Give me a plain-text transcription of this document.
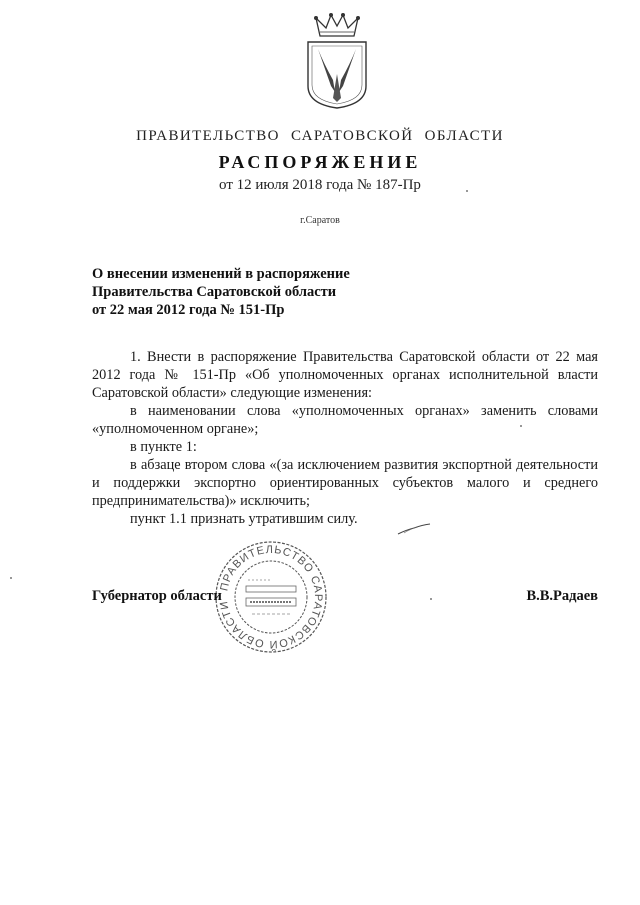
ПРАВИТЕЛЬСТВО САРАТОВСКОЙ ОБЛАСТИ
РАСПОРЯЖЕНИЕ
от 12 июля 2018 года № 187-Пр
г.Саратов
О внесении изменений в распоряжение
Правительства Саратовской области
от 22 мая 2012 года № 151-Пр

1. Внести в распоряжение Правительства Саратовской области от 22 мая 2012 года № 151-Пр «Об уполномоченных органах исполнительной власти Саратовской области» следующие изменения:

в наименовании слова «уполномоченных органах» заменить словами «уполномоченном органе»;

в пункте 1:

в абзаце втором слова «(за исключением развития экспортной деятельности и поддержки экспортно ориентированных субъектов малого и среднего предпринимательства)» исключить;

пункт 1.1 признать утратившим силу.

ПРАВИТЕЛЬСТВО САРАТОВСКОЙ ОБЛАСТИ
Губернатор области	В.В.Радаев
